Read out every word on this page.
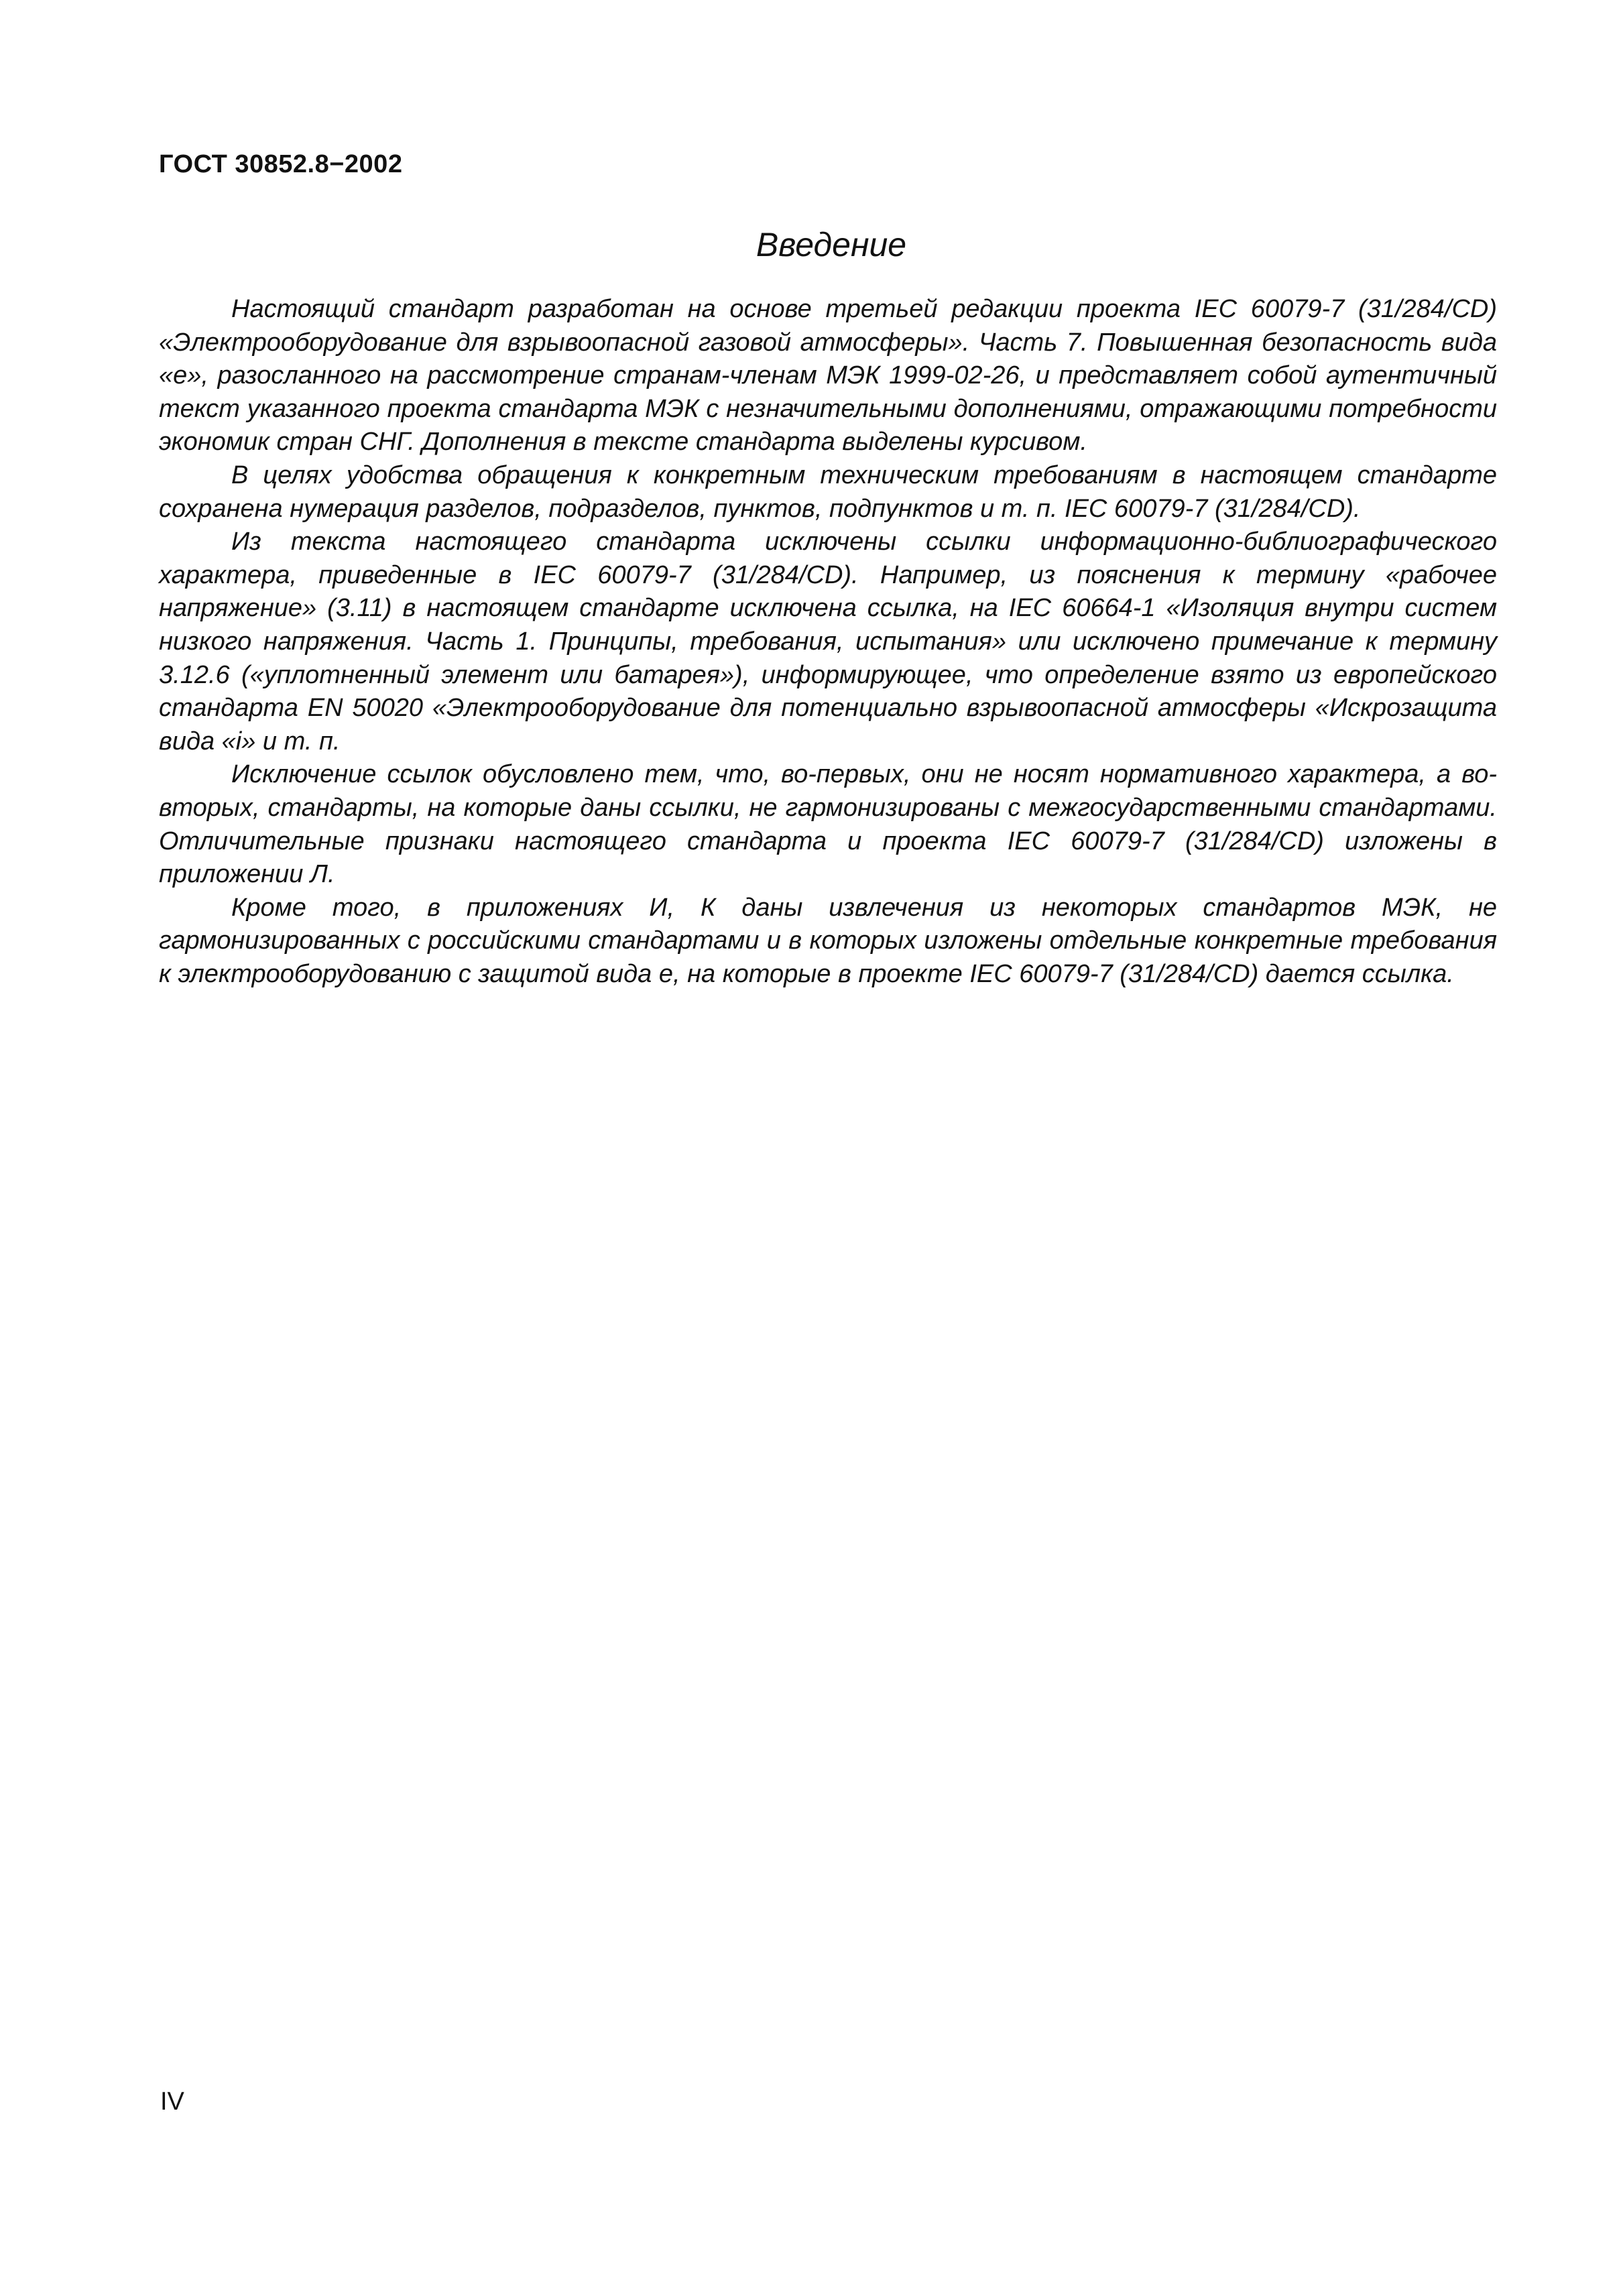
ГОСТ 30852.8−2002
Введение

Настоящий стандарт разработан на основе третьей редакции проекта IEC 60079-7 (31/284/CD) «Электрооборудование для взрывоопасной газовой атмосферы». Часть 7. Повышенная безопасность вида «е», разосланного на рассмотрение странам-членам МЭК 1999-02-26, и представляет собой аутентичный текст указанного проекта стандарта МЭК с незначительными дополнениями, отражающими потребности экономик стран СНГ. Дополнения в тексте стандарта выделены курсивом.

В целях удобства обращения к конкретным техническим требованиям в настоящем стандарте сохранена нумерация разделов, подразделов, пунктов, подпунктов и т. п. IEC 60079-7 (31/284/CD).

Из текста настоящего стандарта исключены ссылки информационно-библиографического характера, приведенные в IEC 60079-7 (31/284/CD). Например, из пояснения к термину «рабочее напряжение» (3.11) в настоящем стандарте исключена ссылка, на IEC 60664-1 «Изоляция внутри систем низкого напряжения. Часть 1. Принципы, требования, испытания» или исключено примечание к термину 3.12.6 («уплотненный элемент или батарея»), информирующее, что определение взято из европейского стандарта EN 50020 «Электрооборудование для потенциально взрывоопасной атмосферы «Искрозащита вида «i» и т. п.

Исключение ссылок обусловлено тем, что, во-первых, они не носят нормативного характера, а во-вторых, стандарты, на которые даны ссылки, не гармонизированы с межгосударственными стандартами. Отличительные признаки настоящего стандарта и проекта IEC 60079-7 (31/284/CD) изложены в приложении Л.

Кроме того, в приложениях И, К даны извлечения из некоторых стандартов МЭК, не гармонизированных с российскими стандартами и в которых изложены отдельные конкретные требования к электрооборудованию с защитой вида е, на которые в проекте IEC 60079-7 (31/284/CD) дается ссылка.

IV
